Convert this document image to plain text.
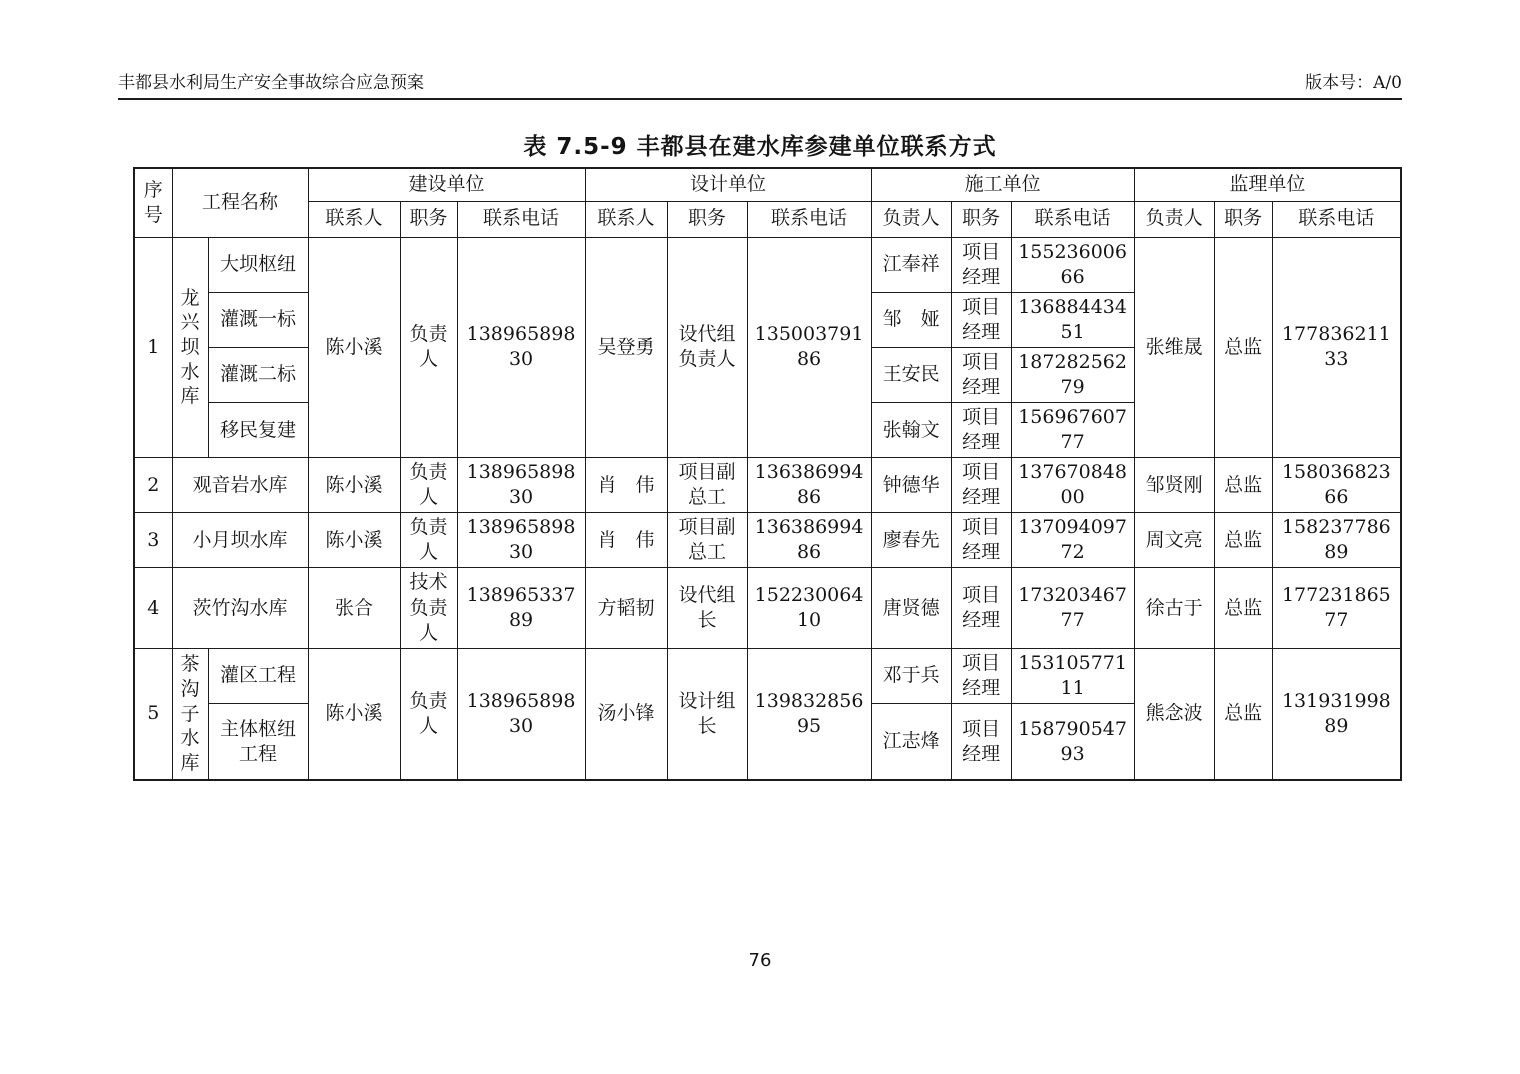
丰都县水利局生产安全事故综合应急预案	版本号：A/0
表 7.5-9 丰都县在建水库参建单位联系方式
序号	工程名称		建设单位			设计单位			施工单位			监理单位		
			联系人	职务	联系电话	联系人	职务	联系电话	负责人	职务	联系电话	负责人	职务	联系电话
1	龙兴坝水库	大坝枢纽	陈小溪	负责人	13896589830	吴登勇	设代组负责人	13500379186	江奉祥	项目经理	15523600666	张维晟	总监	17783621133
		灌溉一标							邹　娅	项目经理	13688443451			
		灌溉二标							王安民	项目经理	18728256279			
		移民复建							张翰文	项目经理	15696760777			
2	观音岩水库		陈小溪	负责人	13896589830	肖　伟	项目副总工	13638699486	钟德华	项目经理	13767084800	邹贤刚	总监	15803682366
3	小月坝水库		陈小溪	负责人	13896589830	肖　伟	项目副总工	13638699486	廖春先	项目经理	13709409772	周文亮	总监	15823778689
4	茨竹沟水库		张合	技术负责人	13896533789	方韬韧	设代组长	15223006410	唐贤德	项目经理	17320346777	徐古于	总监	17723186577
5	茶沟子水库	灌区工程	陈小溪	负责人	13896589830	汤小锋	设计组长	13983285695	邓于兵	项目经理	15310577111	熊念波	总监	13193199889
		主体枢纽工程							江志烽	项目经理	15879054793			
76
